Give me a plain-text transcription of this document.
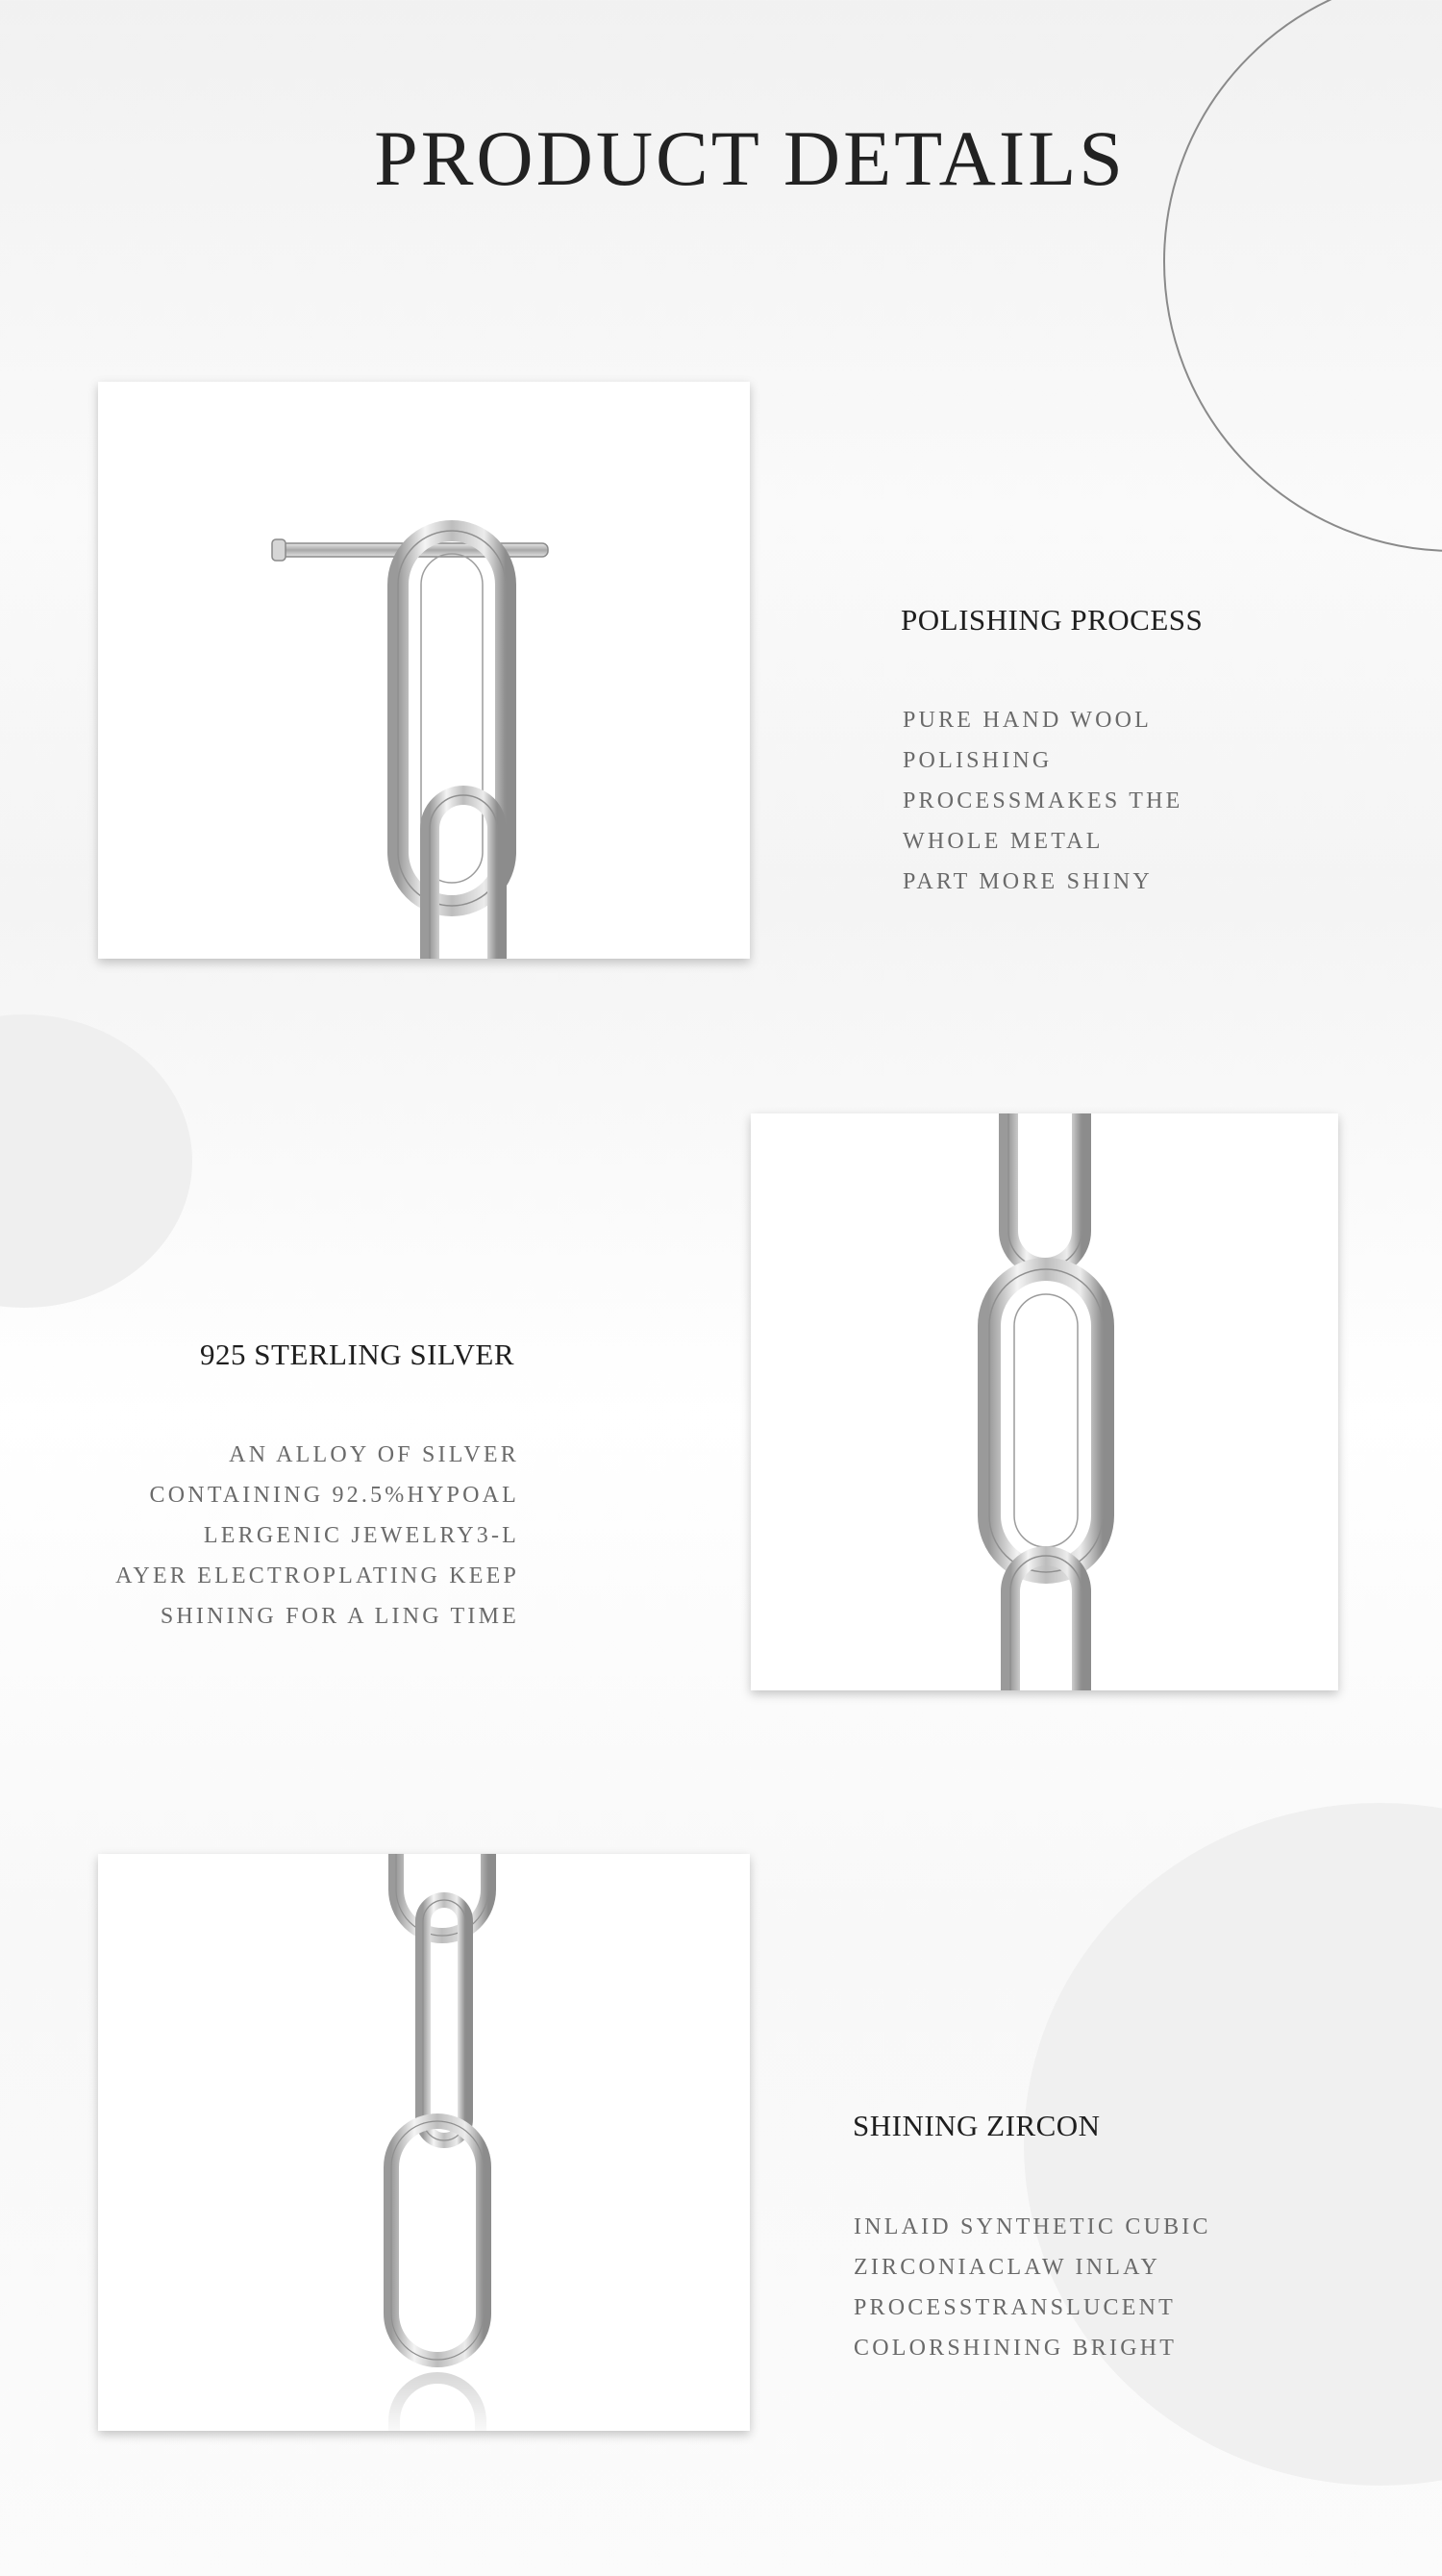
PRODUCT DETAILS
POLISHING PROCESS
PURE HAND WOOL
POLISHING
PROCESSMAKES THE
WHOLE METAL
PART MORE SHINY
925 STERLING SILVER
AN ALLOY OF SILVER
CONTAINING 92.5%HYPOAL
LERGENIC JEWELRY3-L
AYER ELECTROPLATING KEEP
SHINING FOR A LING TIME
SHINING ZIRCON
INLAID SYNTHETIC CUBIC
ZIRCONIACLAW INLAY
PROCESSTRANSLUCENT
COLORSHINING BRIGHT
